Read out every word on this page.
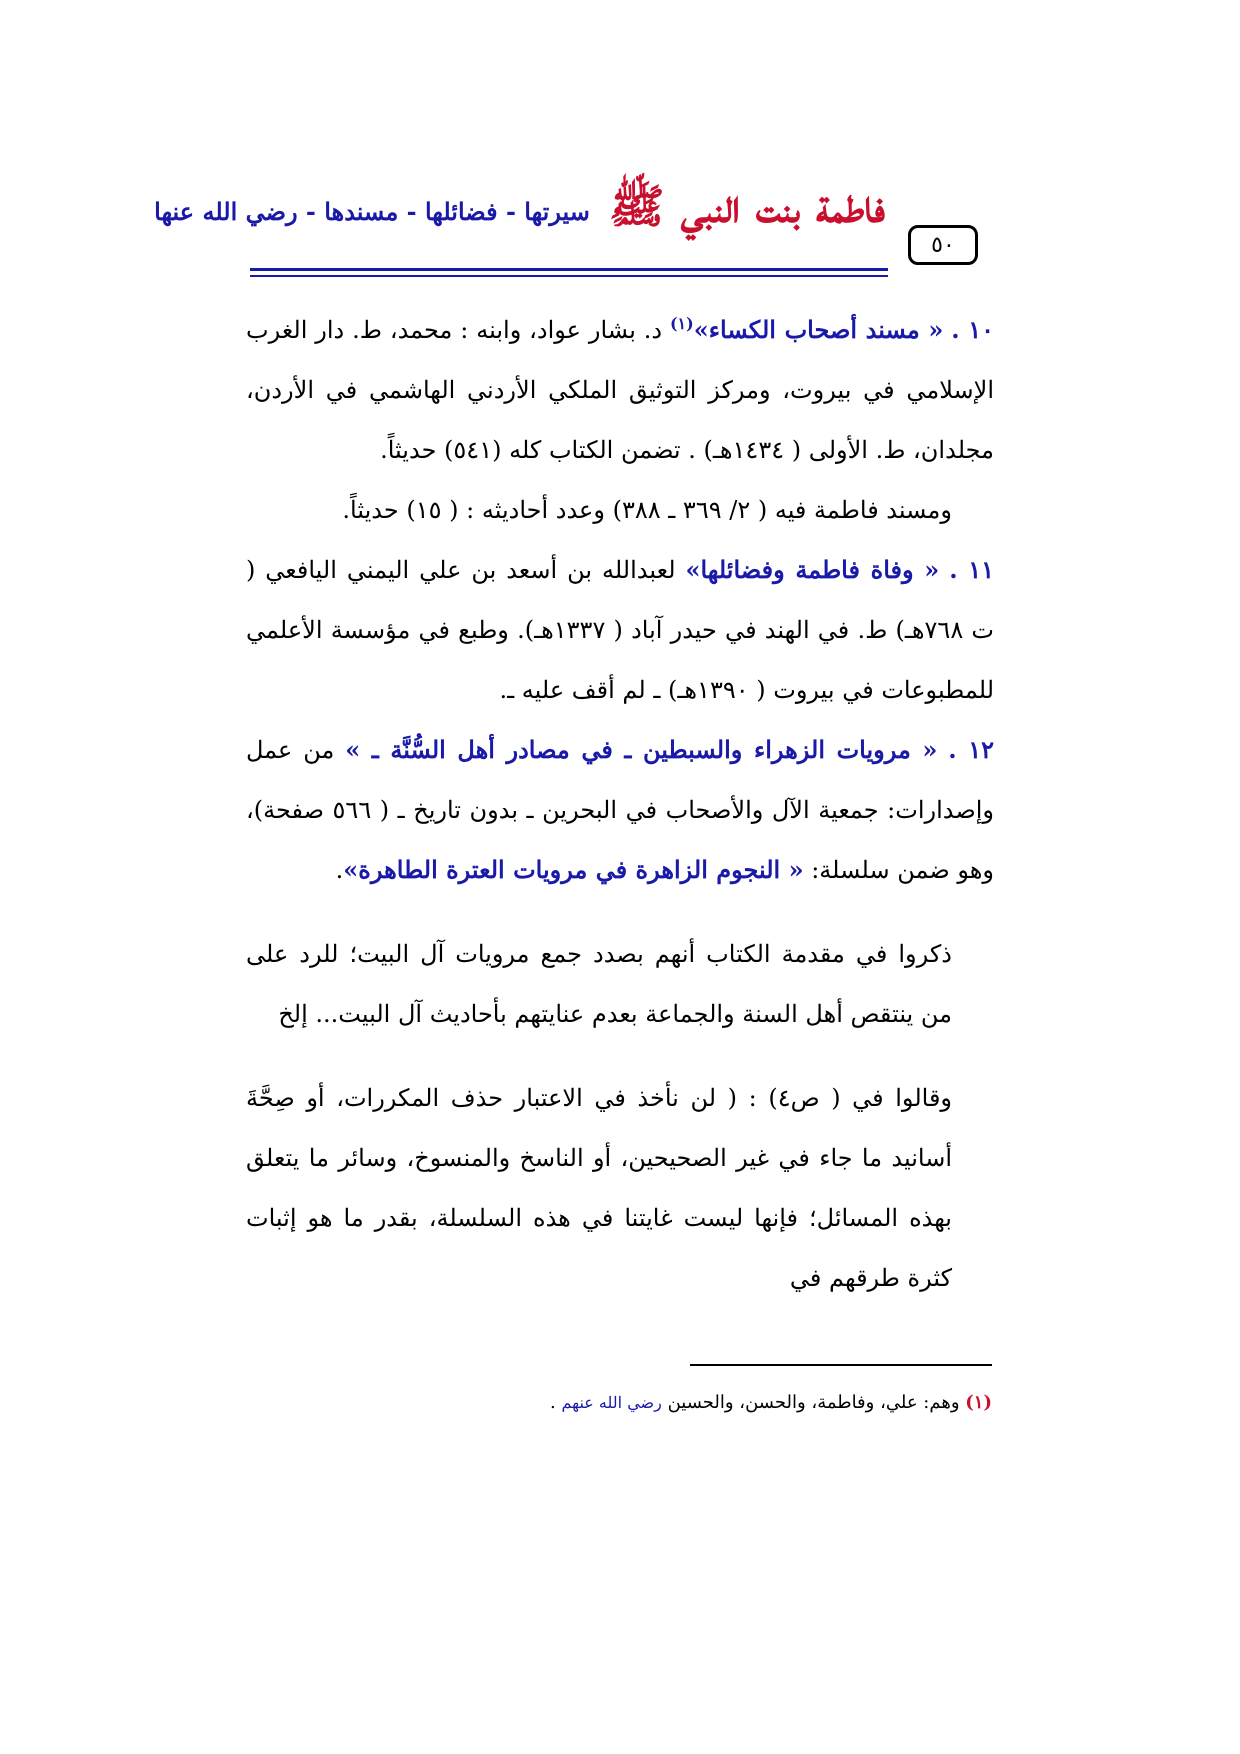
فاطمة بنت النبي ﷺ سيرتها - فضائلها - مسندها - رضي الله عنها
٥٠

١٠ . « مسند أصحاب الكساء»$^{(١)}$ د. بشار عواد، وابنه : محمد، ط. دار الغرب الإسلامي في بيروت، ومركز التوثيق الملكي الأردني الهاشمي في الأردن، مجلدان، ط. الأولى ( ١٤٣٤هـ) . تضمن الكتاب كله (٥٤١) حديثاً.

ومسند فاطمة فيه ( ٢/ ٣٦٩ ـ ٣٨٨) وعدد أحاديثه : ( ١٥) حديثاً.

١١ . « وفاة فاطمة وفضائلها» لعبدالله بن أسعد بن علي اليمني اليافعي ( ت ٧٦٨هـ) ط. في الهند في حيدر آباد ( ١٣٣٧هـ). وطبع في مؤسسة الأعلمي للمطبوعات في بيروت ( ١٣٩٠هـ) ـ لم أقف عليه ـ.

١٢ . « مرويات الزهراء والسبطين ـ في مصادر أهل السُّنَّة ـ » من عمل وإصدارات: جمعية الآل والأصحاب في البحرين ـ بدون تاريخ ـ ( ٥٦٦ صفحة)، وهو ضمن سلسلة: « النجوم الزاهرة في مرويات العترة الطاهرة».

ذكروا في مقدمة الكتاب أنهم بصدد جمع مرويات آل البيت؛ للرد على من ينتقص أهل السنة والجماعة بعدم عنايتهم بأحاديث آل البيت... إلخ

وقالوا في ( ص٤) : ( لن نأخذ في الاعتبار حذف المكررات، أو صِحَّةَ أسانيد ما جاء في غير الصحيحين، أو الناسخ والمنسوخ، وسائر ما يتعلق بهذه المسائل؛ فإنها ليست غايتنا في هذه السلسلة، بقدر ما هو إثبات كثرة طرقهم في

(١) وهم: علي، وفاطمة، والحسن، والحسين رضي الله عنهم .
